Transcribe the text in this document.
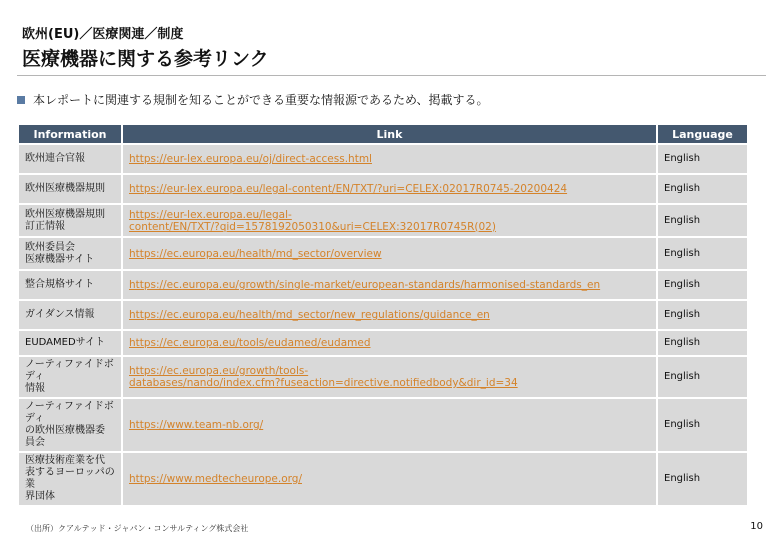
欧州(EU)／医療関連／制度
医療機器に関する参考リンク
本レポートに関連する規制を知ることができる重要な情報源であるため、掲載する。
Information	Link	Language
欧州連合官報	https://eur-lex.europa.eu/oj/direct-access.html	English
欧州医療機器規則	https://eur-lex.europa.eu/legal-content/EN/TXT/?uri=CELEX:02017R0745-20200424	English
欧州医療機器規則
訂正情報	https://eur-lex.europa.eu/legal-
content/EN/TXT/?qid=1578192050310&uri=CELEX:32017R0745R(02)	English
欧州委員会
医療機器サイト	https://ec.europa.eu/health/md_sector/overview	English
整合規格サイト	https://ec.europa.eu/growth/single-market/european-standards/harmonised-standards_en	English
ガイダンス情報	https://ec.europa.eu/health/md_sector/new_regulations/guidance_en	English
EUDAMEDサイト	https://ec.europa.eu/tools/eudamed/eudamed	English
ノーティファイドボディ
情報	https://ec.europa.eu/growth/tools-
databases/nando/index.cfm?fuseaction=directive.notifiedbody&dir_id=34	English
ノーティファイドボディ
の欧州医療機器委
員会	https://www.team-nb.org/	English
医療技術産業を代
表するヨーロッパの業
界団体	https://www.medtecheurope.org/	English
（出所）クアルテッド・ジャパン・コンサルティング株式会社	10
